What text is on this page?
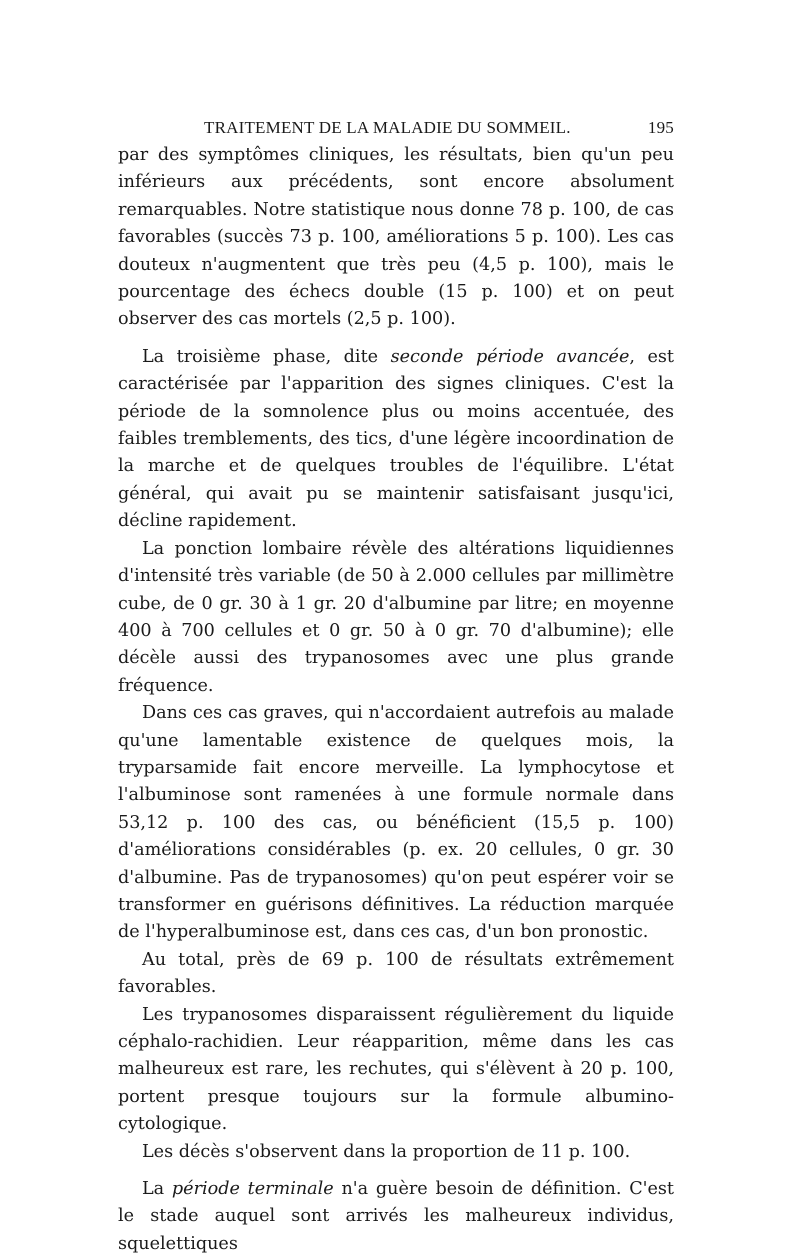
TRAITEMENT DE LA MALADIE DU SOMMEIL.	195

par des symptômes cliniques, les résultats, bien qu'un peu inférieurs aux précédents, sont encore absolument remarquables. Notre statistique nous donne 78 p. 100, de cas favorables (succès 73 p. 100, améliorations 5 p. 100). Les cas douteux n'augmentent que très peu (4,5 p. 100), mais le pourcentage des échecs double (15 p. 100) et on peut observer des cas mortels (2,5 p. 100).

La troisième phase, dite seconde période avancée, est caractérisée par l'apparition des signes cliniques. C'est la période de la somnolence plus ou moins accentuée, des faibles tremblements, des tics, d'une légère incoordination de la marche et de quelques troubles de l'équilibre. L'état général, qui avait pu se maintenir satisfaisant jusqu'ici, décline rapidement.

La ponction lombaire révèle des altérations liquidiennes d'intensité très variable (de 50 à 2.000 cellules par millimètre cube, de 0 gr. 30 à 1 gr. 20 d'albumine par litre; en moyenne 400 à 700 cellules et 0 gr. 50 à 0 gr. 70 d'albumine); elle décèle aussi des trypanosomes avec une plus grande fréquence.

Dans ces cas graves, qui n'accordaient autrefois au malade qu'une lamentable existence de quelques mois, la tryparsamide fait encore merveille. La lymphocytose et l'albuminose sont ramenées à une formule normale dans 53,12 p. 100 des cas, ou bénéficient (15,5 p. 100) d'améliorations considérables (p. ex. 20 cellules, 0 gr. 30 d'albumine. Pas de trypanosomes) qu'on peut espérer voir se transformer en guérisons définitives. La réduction marquée de l'hyperalbuminose est, dans ces cas, d'un bon pronostic.

Au total, près de 69 p. 100 de résultats extrêmement favorables.

Les trypanosomes disparaissent régulièrement du liquide céphalo-rachidien. Leur réapparition, même dans les cas malheureux est rare, les rechutes, qui s'élèvent à 20 p. 100, portent presque toujours sur la formule albumino-cytologique.

Les décès s'observent dans la proportion de 11 p. 100.

La période terminale n'a guère besoin de définition. C'est le stade auquel sont arrivés les malheureux individus, squelettiques
